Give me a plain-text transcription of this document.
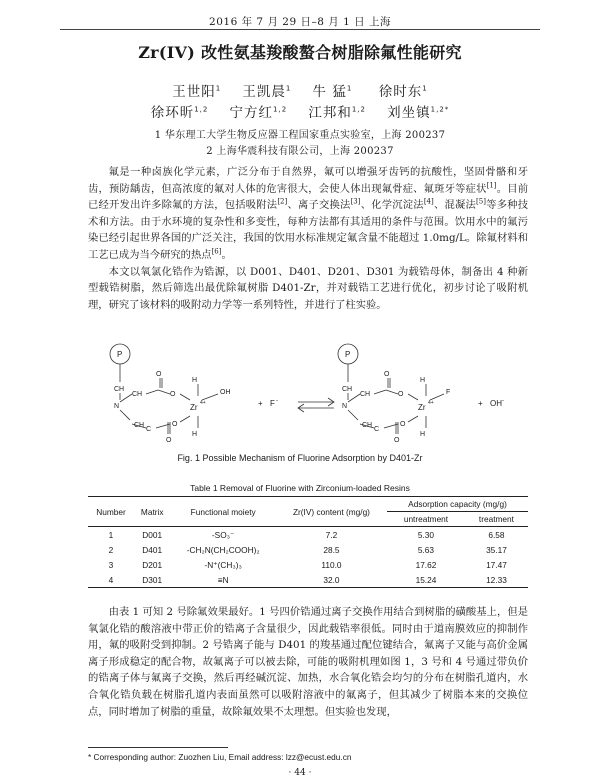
2016 年 7 月 29 日–8 月 1 日 上海
Zr(IV) 改性氨基羧酸螯合树脂除氟性能研究
王世阳$^1$ 王凯晨$^1$ 牛 猛$^1$ 徐时东$^1$
徐环昕$^{1,2}$ 宁方红$^{1,2}$ 江邦和$^{1,2}$ 刘坐镇$^{1,2*}$
1 华东理工大学生物反应器工程国家重点实验室，上海 200237
2 上海华震科技有限公司，上海 200237

氟是一种卤族化学元素，广泛分布于自然界，氟可以增强牙齿钙的抗酸性，坚固骨骼和牙齿，预防龋齿，但高浓度的氟对人体的危害很大，会使人体出现氟骨症、氟斑牙等症状[1]。目前已经开发出许多除氟的方法，包括吸附法[2]、离子交换法[3]、化学沉淀法[4]、混凝法[5]等多种技术和方法。由于水环境的复杂性和多变性，每种方法都有其适用的条件与范围。饮用水中的氟污染已经引起世界各国的广泛关注，我国的饮用水标准规定氟含量不能超过 1.0mg/L。除氟材料和工艺已成为当今研究的热点[6]。

本文以氧氯化锆作为锆源，以 D001、D401、D201、D301 为载锆母体，制备出 4 种新型载锆树脂，然后筛选出最优除氟树脂 D401-Zr，并对载锆工艺进行优化，初步讨论了吸附机理，研究了该材料的吸附动力学等一系列特性，并进行了柱实验。

P
CH
N
CH
O
O
CH
C
O
O
Zr 4+
H
OH
H
+ F -
P
CH
N
CH
O
O
CH
C
O
O
Zr 4+
H
F
H
+ OH -
Fig. 1 Possible Mechanism of Fluorine Adsorption by D401-Zr
Table 1 Removal of Fluorine with Zirconium-loaded Resins
Number	Matrix	Functional moiety	Zr(IV) content (mg/g)	Adsorption capacity (mg/g)	
				untreatment	treatment
1	D001	-SO₃⁻	7.2	5.30	6.58
2	D401	-CH₂N(CH₂COOH)₂	28.5	5.63	35.17
3	D201	-N⁺(CH₃)₃	110.0	17.62	17.47
4	D301	≡N	32.0	15.24	12.33

由表 1 可知 2 号除氟效果最好。1 号四价锆通过离子交换作用结合到树脂的磺酸基上，但是氧氯化锆的酸溶液中带正价的锆离子含量很少，因此载锆率很低。同时由于道南膜效应的抑制作用，氟的吸附受到抑制。2 号锆离子能与 D401 的羧基通过配位键结合，氟离子又能与高价金属离子形成稳定的配合物，故氟离子可以被去除，可能的吸附机理如图 1，3 号和 4 号通过带负价的锆离子体与氟离子交换，然后再经碱沉淀、加热，水合氧化锆会均匀的分布在树脂孔道内，水合氧化锆负载在树脂孔道内表面虽然可以吸附溶液中的氟离子，但其减少了树脂本来的交换位点，同时增加了树脂的重量，故除氟效果不太理想。但实验也发现，

* Corresponding author: Zuozhen Liu, Email address: lzz@ecust.edu.cn
· 44 ·
